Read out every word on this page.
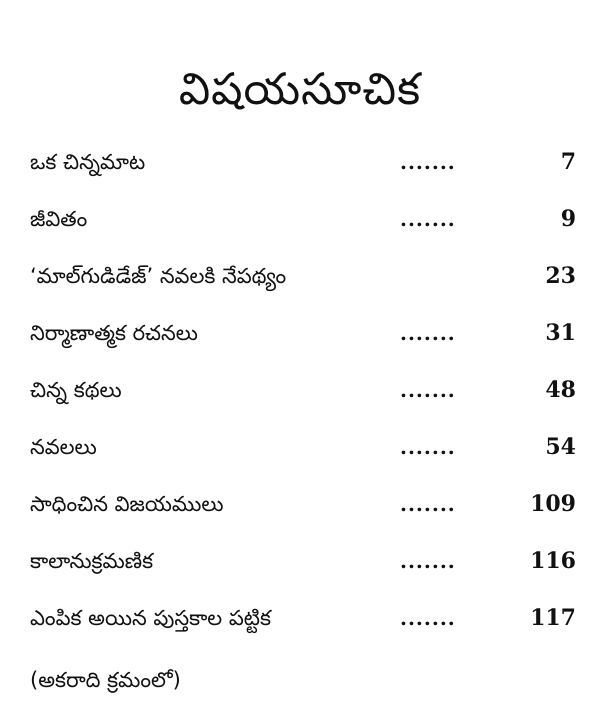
విషయసూచిక
ఒక చిన్నమాట	.......	7
జీవితం	.......	9
‘మాల్‌గుడిడేజ్’ నవలకి నేపథ్యం	23
నిర్మాణాత్మక రచనలు	.......	31
చిన్న కథలు	.......	48
నవలలు	.......	54
సాధించిన విజయములు	.......	109
కాలానుక్రమణిక	.......	116
ఎంపిక అయిన పుస్తకాల పట్టిక	.......	117
(అకరాది క్రమంలో)
